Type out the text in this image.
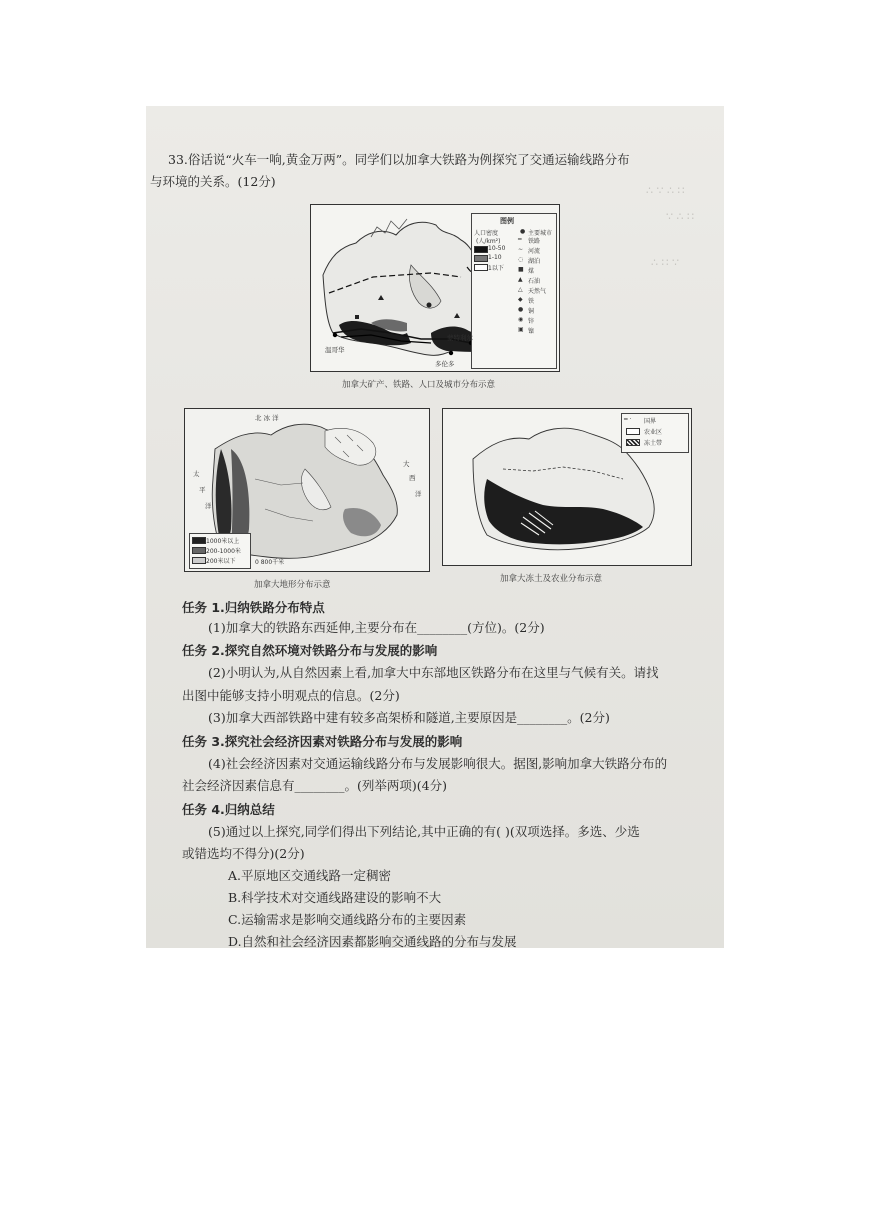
∴ ∵ ∴ ∷
∵ ∴ ∷
∴ ∷ ∵
33.俗话说“火车一响,黄金万两”。同学们以加拿大铁路为例探究了交通运输线路分布
与环境的关系。(12分)
图例
人口密度
(人/km²)
10-50
1-10
1以下
● 主要城市
━ 铁路
∼ 河流
◌ 湖泊
■ 煤
▲ 石油
△ 天然气
◆ 铁
● 铜
◉ 锌
▣ 镍
温哥华
蒙特利尔
多伦多
加拿大矿产、铁路、人口及城市分布示意
北 冰 洋
太
平
洋
大
西
洋
1000米以上
200-1000米
200米以下	0 800千米
加拿大地形分布示意
━ · 国界
农业区
冻土带
加拿大冻土及农业分布示意
任务 1.归纳铁路分布特点
(1)加拿大的铁路东西延伸,主要分布在________(方位)。(2分)
任务 2.探究自然环境对铁路分布与发展的影响
(2)小明认为,从自然因素上看,加拿大中东部地区铁路分布在这里与气候有关。请找
出图中能够支持小明观点的信息。(2分)
(3)加拿大西部铁路中建有较多高架桥和隧道,主要原因是________。(2分)
任务 3.探究社会经济因素对铁路分布与发展的影响
(4)社会经济因素对交通运输线路分布与发展影响很大。据图,影响加拿大铁路分布的
社会经济因素信息有________。(列举两项)(4分)
任务 4.归纳总结
(5)通过以上探究,同学们得出下列结论,其中正确的有( )(双项选择。多选、少选
或错选均不得分)(2分)
A.平原地区交通线路一定稠密
B.科学技术对交通线路建设的影响不大
C.运输需求是影响交通线路分布的主要因素
D.自然和社会经济因素都影响交通线路的分布与发展
